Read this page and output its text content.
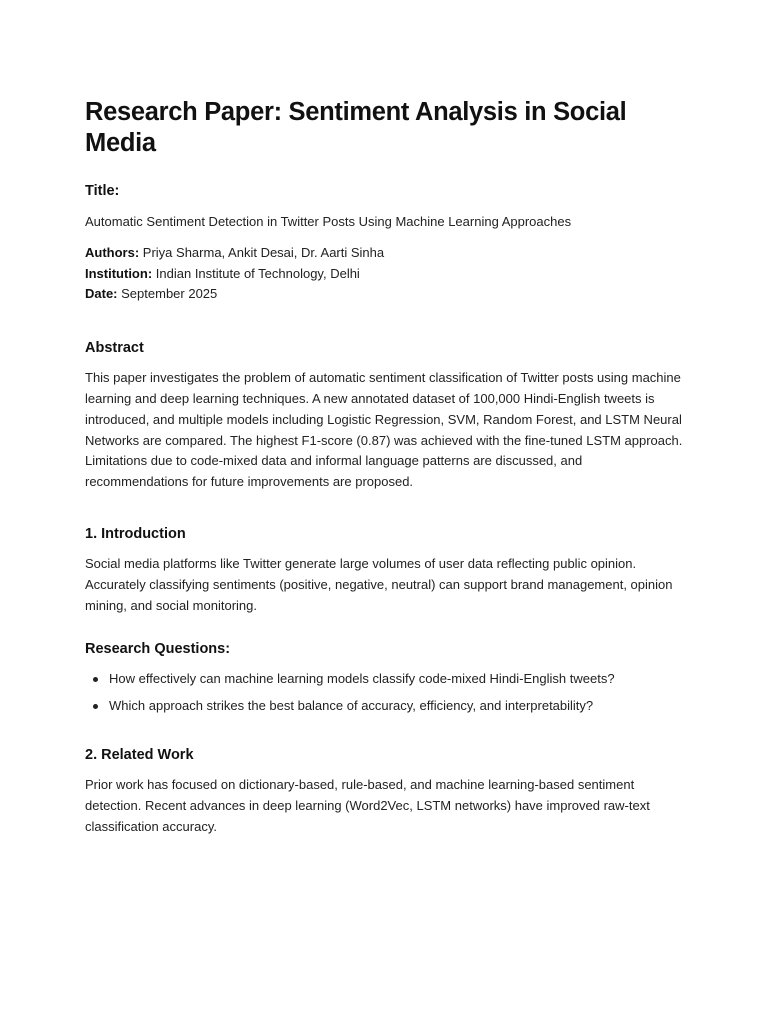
Research Paper: Sentiment Analysis in Social Media
Title:

Automatic Sentiment Detection in Twitter Posts Using Machine Learning Approaches

Authors: Priya Sharma, Ankit Desai, Dr. Aarti Sinha

Institution: Indian Institute of Technology, Delhi

Date: September 2025

Abstract

This paper investigates the problem of automatic sentiment classification of Twitter posts using machine learning and deep learning techniques. A new annotated dataset of 100,000 Hindi-English tweets is introduced, and multiple models including Logistic Regression, SVM, Random Forest, and LSTM Neural Networks are compared. The highest F1-score (0.87) was achieved with the fine-tuned LSTM approach. Limitations due to code-mixed data and informal language patterns are discussed, and recommendations for future improvements are proposed.

1. Introduction

Social media platforms like Twitter generate large volumes of user data reflecting public opinion. Accurately classifying sentiments (positive, negative, neutral) can support brand management, opinion mining, and social monitoring.

Research Questions:
How effectively can machine learning models classify code-mixed Hindi-English tweets?
Which approach strikes the best balance of accuracy, efficiency, and interpretability?
2. Related Work

Prior work has focused on dictionary-based, rule-based, and machine learning-based sentiment detection. Recent advances in deep learning (Word2Vec, LSTM networks) have improved raw-text classification accuracy.
